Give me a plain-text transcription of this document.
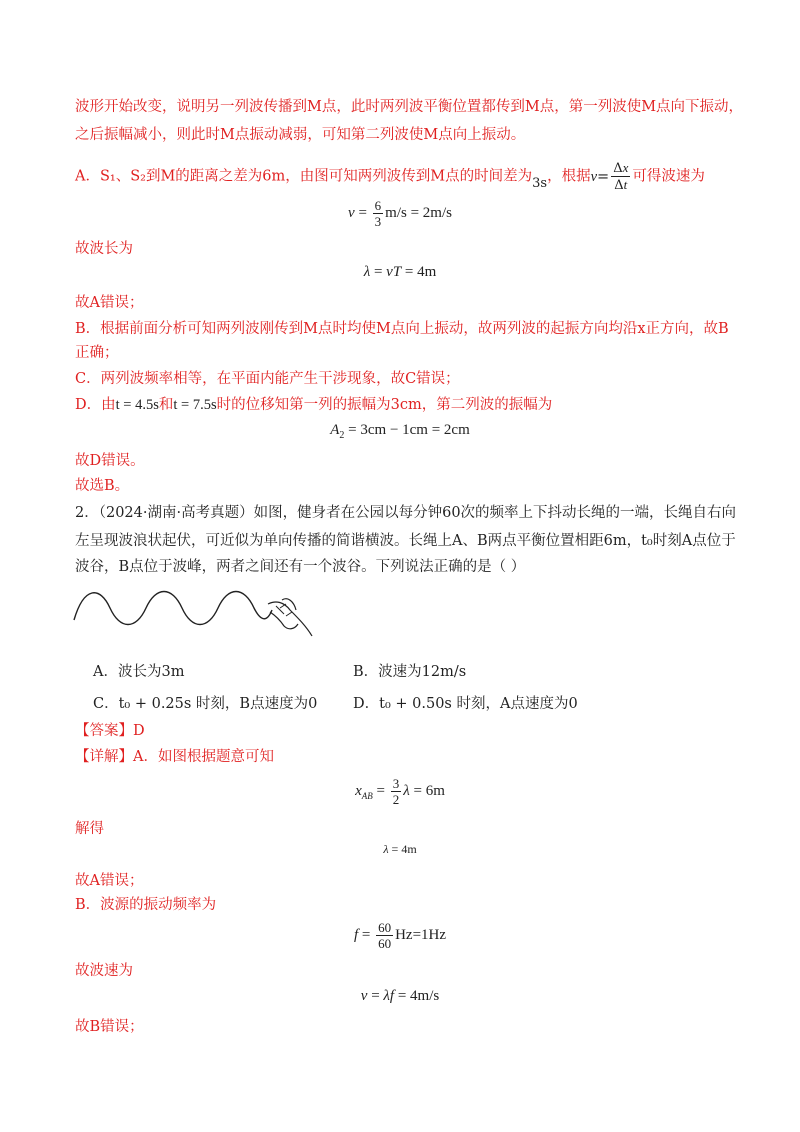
波形开始改变，说明另一列波传播到M点，此时两列波平衡位置都传到M点，第一列波使M点向下振动，
之后振幅减小，则此时M点振动减弱，可知第二列波使M点向上振动。
A．S₁、S₂到M的距离之差为6m，由图可知两列波传到M点的时间差为3s，根据$v= \frac{\Delta x}{\Delta t}$ 可得波速为
$v = \frac{6}{3} m/s = 2m/s$
故波长为
λ = vT = 4m
故A错误；
B．根据前面分析可知两列波刚传到M点时均使M点向上振动，故两列波的起振方向均沿x正方向，故B
正确；
C．两列波频率相等，在平面内能产生干涉现象，故C错误；
D．由t = 4.5s和t = 7.5s时的位移知第一列的振幅为3cm，第二列波的振幅为
$A_2 = 3cm - 1cm = 2cm$
故D错误。
故选B。
2．（2024·湖南·高考真题）如图，健身者在公园以每分钟60次的频率上下抖动长绳的一端，长绳自右向
左呈现波浪状起伏，可近似为单向传播的简谐横波。长绳上A、B两点平衡位置相距6m，t₀时刻A点位于
波谷，B点位于波峰，两者之间还有一个波谷。下列说法正确的是（ ）
A．波长为3m	B．波速为12m/s
C．t₀ + 0.25s 时刻，B点速度为0 D．t₀ + 0.50s 时刻，A点速度为0
【答案】D
【详解】A．如图根据题意可知
$x_{AB} = \frac{3}{2}$ λ = 6m
解得
λ = 4m
故A错误；
B．波源的振动频率为
$f = \frac{60}{60} Hz=1Hz$
故波速为
v = λf = 4m/s
故B错误；
